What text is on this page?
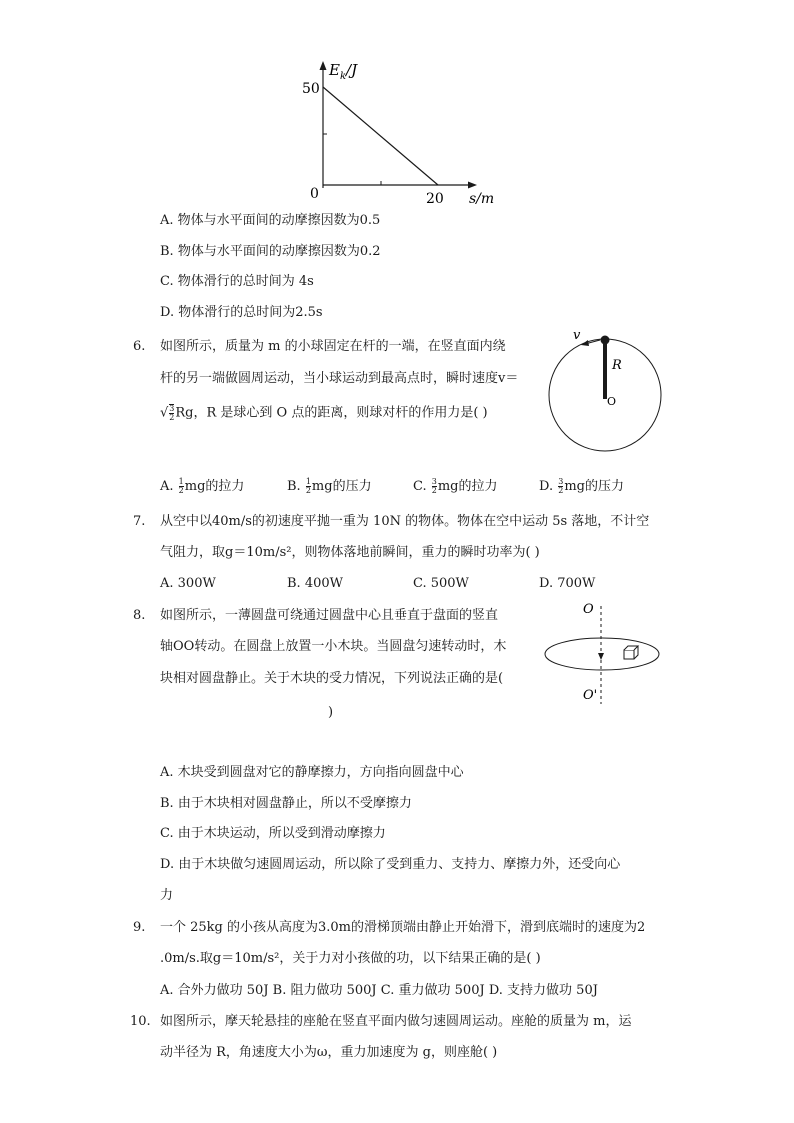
$E_k/J$
50
0	20 s/m
A. 物体与水平面间的动摩擦因数为0.5
B. 物体与水平面间的动摩擦因数为0.2
C. 物体滑行的总时间为 4s
D. 物体滑行的总时间为2.5s
6. 如图所示，质量为 m 的小球固定在杆的一端，在竖直面内绕
杆的另一端做圆周运动，当小球运动到最高点时，瞬时速度v＝
√ $\frac{3}{2}$ Rg，R 是球心到 O 点的距离，则球对杆的作用力是( )
v
R
O
A. $\frac{1}{2}$ mg的拉力	B. $\frac{1}{2}$ mg的压力	C. $\frac{3}{2}$ mg的拉力	D. $\frac{3}{2}$ mg的压力
7. 从空中以40m/s的初速度平抛一重为 10N 的物体。物体在空中运动 5s 落地，不计空
气阻力，取g＝10m/s²，则物体落地前瞬间，重力的瞬时功率为( )
A. 300W	B. 400W	C. 500W	D. 700W
8. 如图所示，一薄圆盘可绕通过圆盘中心且垂直于盘面的竖直
轴OO转动。在圆盘上放置一小木块。当圆盘匀速转动时，木
块相对圆盘静止。关于木块的受力情况，下列说法正确的是(
)
O
O'
A. 木块受到圆盘对它的静摩擦力，方向指向圆盘中心
B. 由于木块相对圆盘静止，所以不受摩擦力
C. 由于木块运动，所以受到滑动摩擦力
D. 由于木块做匀速圆周运动，所以除了受到重力、支持力、摩擦力外，还受向心
力
9. 一个 25kg 的小孩从高度为3.0m的滑梯顶端由静止开始滑下，滑到底端时的速度为2
.0m/s.取g＝10m/s²，关于力对小孩做的功，以下结果正确的是( )
A. 合外力做功 50J B. 阻力做功 500J C. 重力做功 500J D. 支持力做功 50J
10. 如图所示，摩天轮悬挂的座舱在竖直平面内做匀速圆周运动。座舱的质量为 m，运
动半径为 R，角速度大小为ω，重力加速度为 g，则座舱( )
